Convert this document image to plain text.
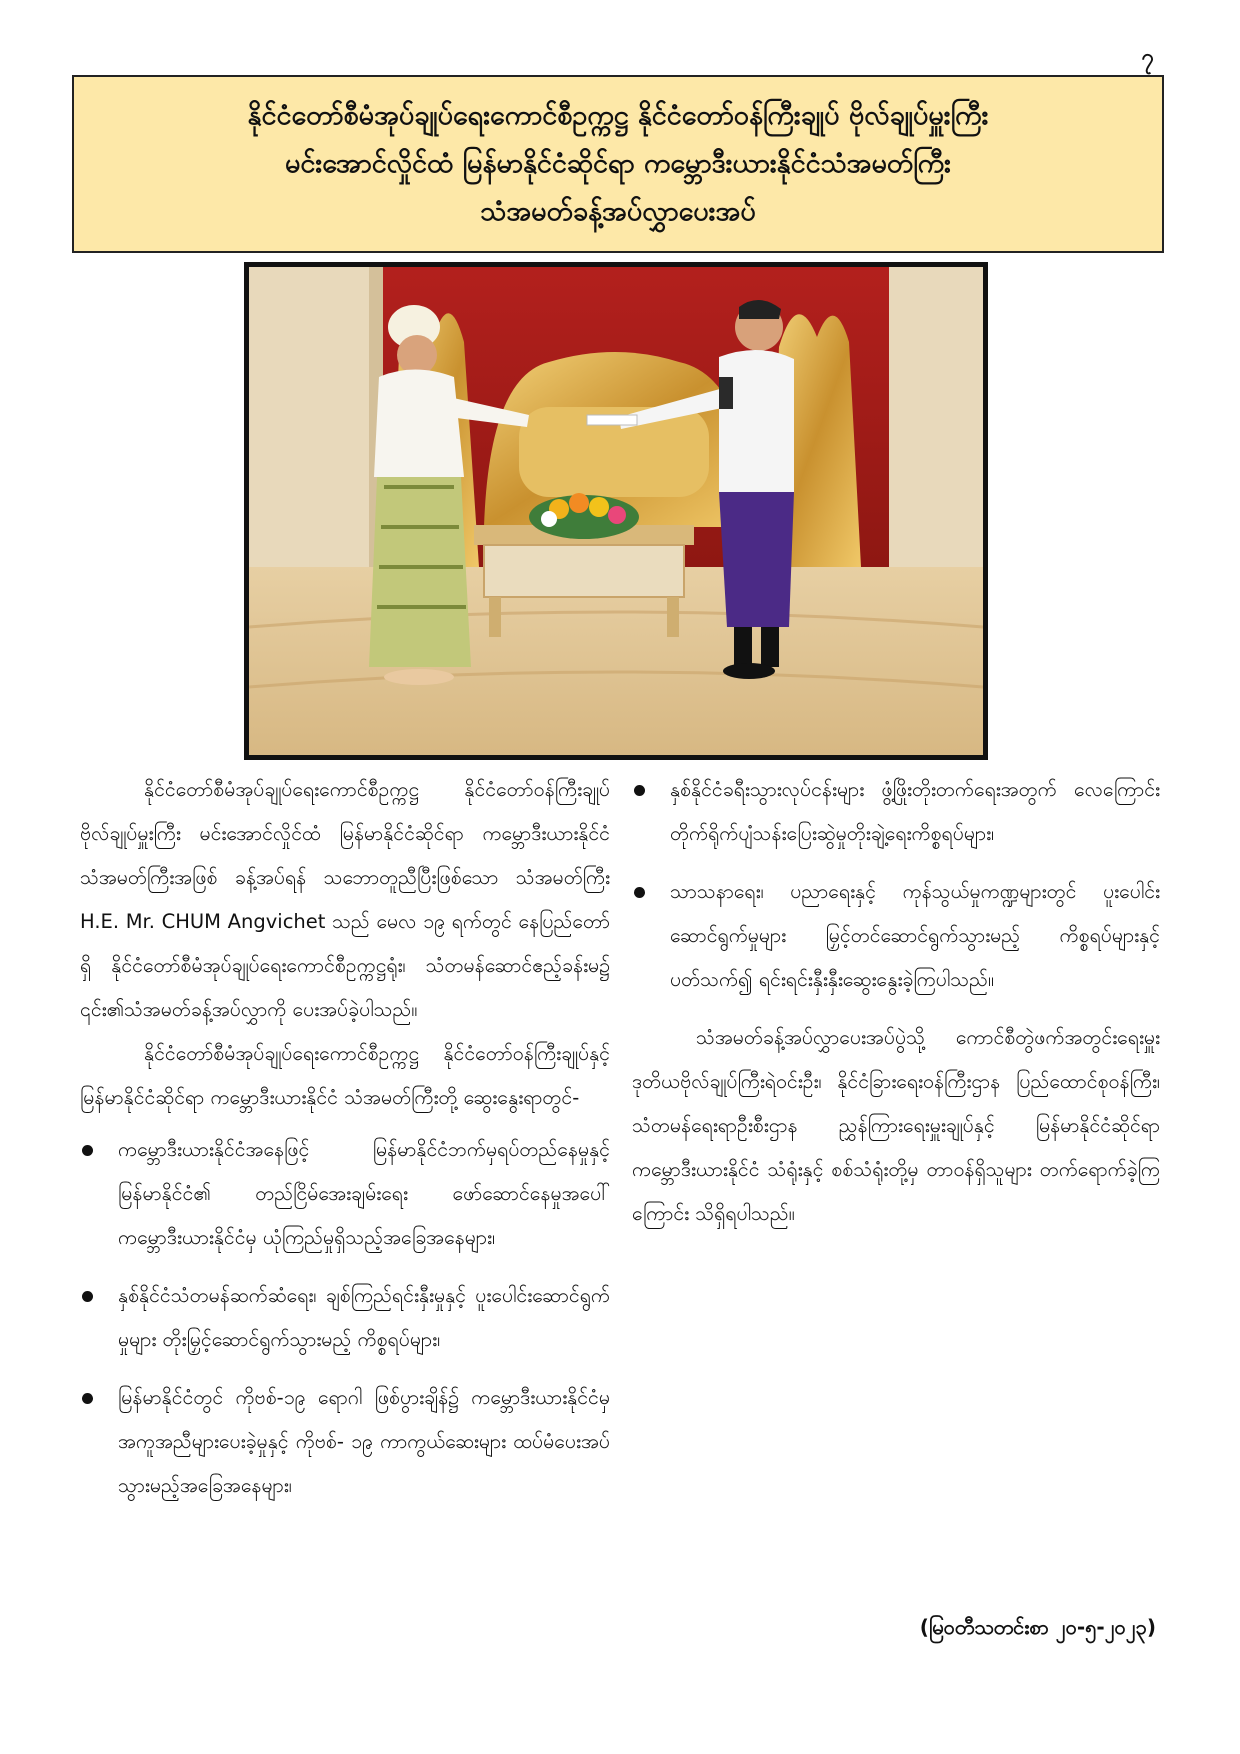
၇
နိုင်ငံတော်စီမံအုပ်ချုပ်ရေးကောင်စီဥက္ကဋ္ဌ နိုင်ငံတော်ဝန်ကြီးချုပ် ဗိုလ်ချုပ်မှူးကြီး
မင်းအောင်လှိုင်ထံ မြန်မာနိုင်ငံဆိုင်ရာ ကမ္ဘောဒီးယားနိုင်ငံသံအမတ်ကြီး
သံအမတ်ခန့်အပ်လွှာပေးအပ်

နိုင်ငံတော်စီမံအုပ်ချုပ်ရေးကောင်စီဥက္ကဋ္ဌ နိုင်ငံတော်ဝန်ကြီးချုပ် ဗိုလ်ချုပ်မှူးကြီး မင်းအောင်လှိုင်ထံ မြန်မာနိုင်ငံဆိုင်ရာ ကမ္ဘောဒီးယားနိုင်ငံ သံအမတ်ကြီးအဖြစ် ခန့်အပ်ရန် သဘောတူညီပြီးဖြစ်သော သံအမတ်ကြီး H.E. Mr. CHUM Angvichet သည် မေလ ၁၉ ရက်တွင် နေပြည်တော်ရှိ နိုင်ငံတော်စီမံအုပ်ချုပ်ရေးကောင်စီဥက္ကဋ္ဌရုံး၊ သံတမန်ဆောင်ဧည့်ခန်းမ၌ ၎င်း၏သံအမတ်ခန့်အပ်လွှာကို ပေးအပ်ခဲ့ပါသည်။

နိုင်ငံတော်စီမံအုပ်ချုပ်ရေးကောင်စီဥက္ကဋ္ဌ နိုင်ငံတော်ဝန်ကြီးချုပ်နှင့် မြန်မာနိုင်ငံဆိုင်ရာ ကမ္ဘောဒီးယားနိုင်ငံ သံအမတ်ကြီးတို့ ဆွေးနွေးရာတွင်-

ကမ္ဘောဒီးယားနိုင်ငံအနေဖြင့် မြန်မာနိုင်ငံဘက်မှရပ်တည်နေမှုနှင့် မြန်မာနိုင်ငံ၏ တည်ငြိမ်အေးချမ်းရေး ဖော်ဆောင်နေမှုအပေါ် ကမ္ဘောဒီးယားနိုင်ငံမှ ယုံကြည်မှုရှိသည့်အခြေအနေများ၊
နှစ်နိုင်ငံသံတမန်ဆက်ဆံရေး၊ ချစ်ကြည်ရင်းနှီးမှုနှင့် ပူးပေါင်းဆောင်ရွက်မှုများ တိုးမြှင့်ဆောင်ရွက်သွားမည့် ကိစ္စရပ်များ၊
မြန်မာနိုင်ငံတွင် ကိုဗစ်-၁၉ ရောဂါ ဖြစ်ပွားချိန်၌ ကမ္ဘောဒီးယားနိုင်ငံမှ အကူအညီများပေးခဲ့မှုနှင့် ကိုဗစ်- ၁၉ ကာကွယ်ဆေးများ ထပ်မံပေးအပ်သွားမည့်အခြေအနေများ၊
နှစ်နိုင်ငံခရီးသွားလုပ်ငန်းများ ဖွံ့ဖြိုးတိုးတက်ရေးအတွက် လေကြောင်းတိုက်ရိုက်ပျံသန်းပြေးဆွဲမှုတိုးချဲ့ရေးကိစ္စရပ်များ၊
သာသနာရေး၊ ပညာရေးနှင့် ကုန်သွယ်မှုကဏ္ဍများတွင် ပူးပေါင်းဆောင်ရွက်မှုများ မြှင့်တင်ဆောင်ရွက်သွားမည့် ကိစ္စရပ်များနှင့်ပတ်သက်၍ ရင်းရင်းနှီးနှီးဆွေးနွေးခဲ့ကြပါသည်။

သံအမတ်ခန့်အပ်လွှာပေးအပ်ပွဲသို့ ကောင်စီတွဲဖက်အတွင်းရေးမှူး ဒုတိယဗိုလ်ချုပ်ကြီးရဲဝင်းဦး၊ နိုင်ငံခြားရေးဝန်ကြီးဌာန ပြည်ထောင်စုဝန်ကြီး၊ သံတမန်ရေးရာဦးစီးဌာန ညွှန်ကြားရေးမှူးချုပ်နှင့် မြန်မာနိုင်ငံဆိုင်ရာ ကမ္ဘောဒီးယားနိုင်ငံ သံရုံးနှင့် စစ်သံရုံးတို့မှ တာဝန်ရှိသူများ တက်ရောက်ခဲ့ကြကြောင်း သိရှိရပါသည်။

(မြဝတီသတင်းစာ ၂၀-၅-၂၀၂၃)
